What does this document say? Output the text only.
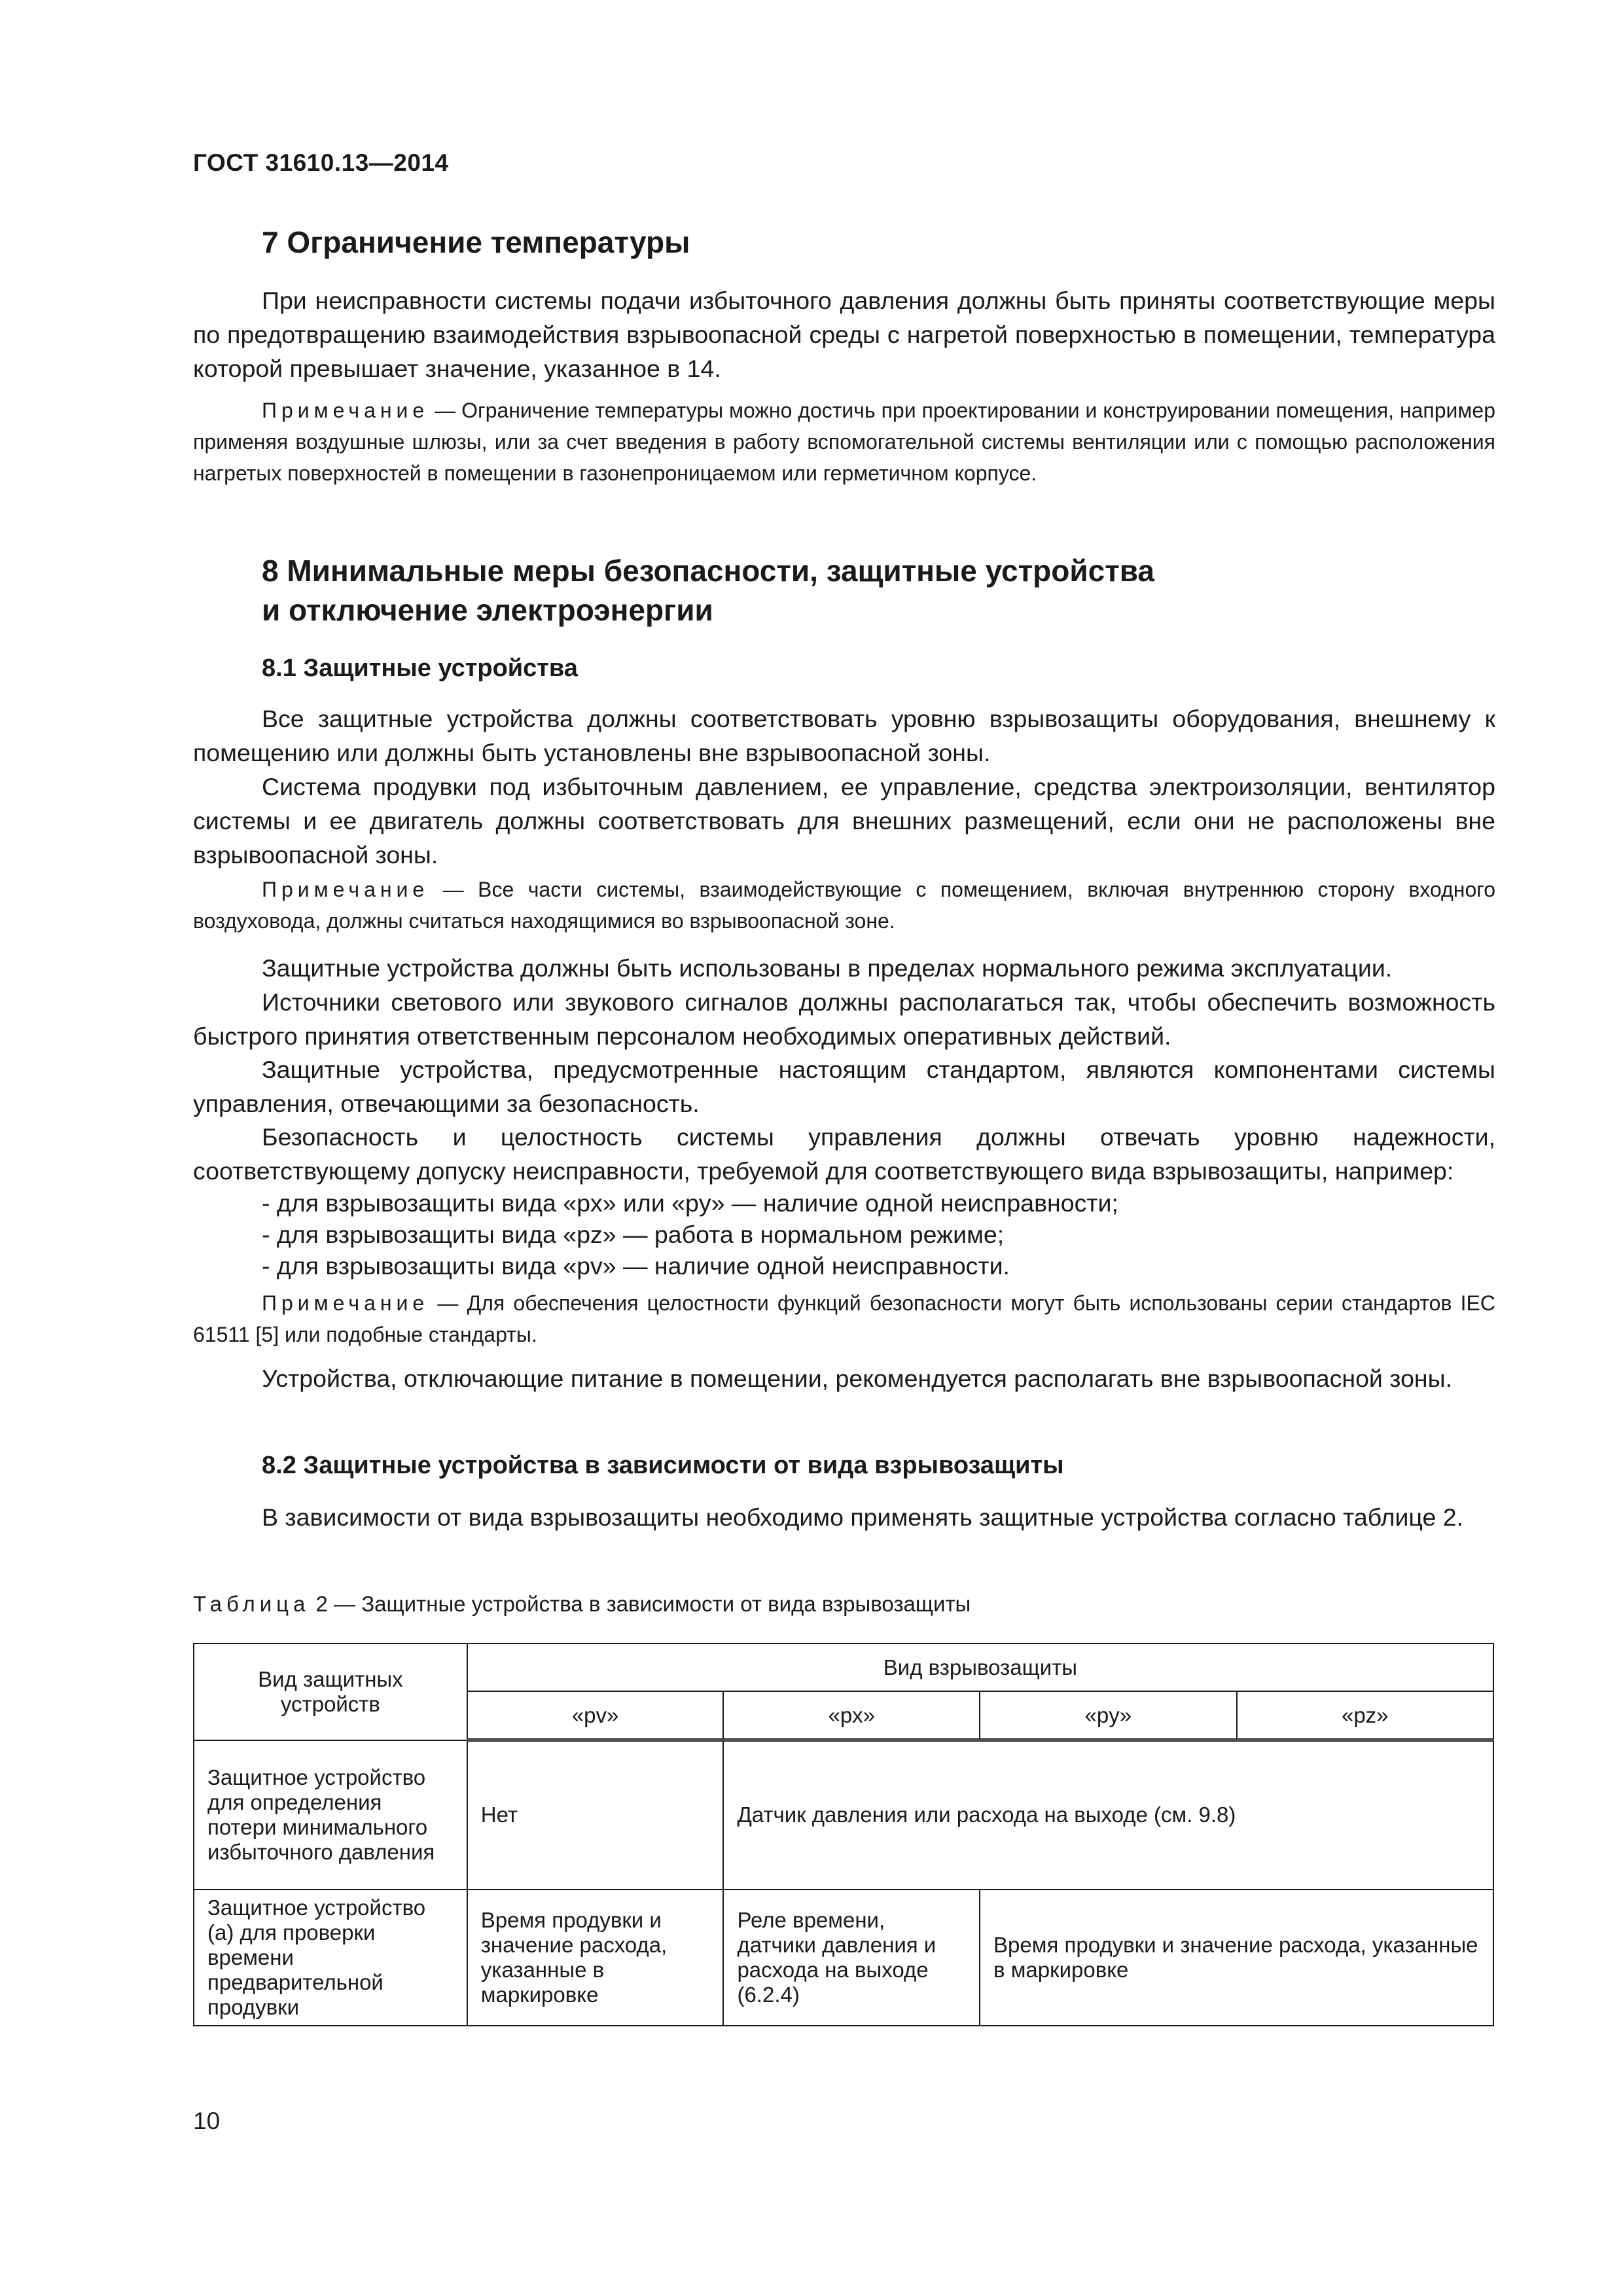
ГОСТ 31610.13—2014
7 Ограничение температуры
При неисправности системы подачи избыточного давления должны быть приняты соответствующие меры по предотвращению взаимодействия взрывоопасной среды с нагретой поверхностью в помещении, температура которой превышает значение, указанное в 14.
Примечание — Ограничение температуры можно достичь при проектировании и конструировании помещения, например применяя воздушные шлюзы, или за счет введения в работу вспомогательной системы вентиляции или с помощью расположения нагретых поверхностей в помещении в газонепроницаемом или герметичном корпусе.
8 Минимальные меры безопасности, защитные устройства
и отключение электроэнергии
8.1 Защитные устройства
Все защитные устройства должны соответствовать уровню взрывозащиты оборудования, внешнему к помещению или должны быть установлены вне взрывоопасной зоны.
Система продувки под избыточным давлением, ее управление, средства электроизоляции, вентилятор системы и ее двигатель должны соответствовать для внешних размещений, если они не расположены вне взрывоопасной зоны.
Примечание — Все части системы, взаимодействующие с помещением, включая внутреннюю сторону входного воздуховода, должны считаться находящимися во взрывоопасной зоне.
Защитные устройства должны быть использованы в пределах нормального режима эксплуатации.
Источники светового или звукового сигналов должны располагаться так, чтобы обеспечить возможность быстрого принятия ответственным персоналом необходимых оперативных действий.
Защитные устройства, предусмотренные настоящим стандартом, являются компонентами системы управления, отвечающими за безопасность.
Безопасность и целостность системы управления должны отвечать уровню надежности, соответствующему допуску неисправности, требуемой для соответствующего вида взрывозащиты, например:
- для взрывозащиты вида «px» или «py» — наличие одной неисправности;
- для взрывозащиты вида «pz» — работа в нормальном режиме;
- для взрывозащиты вида «pv» — наличие одной неисправности.
Примечание — Для обеспечения целостности функций безопасности могут быть использованы серии стандартов IEC 61511 [5] или подобные стандарты.
Устройства, отключающие питание в помещении, рекомендуется располагать вне взрывоопасной зоны.
8.2 Защитные устройства в зависимости от вида взрывозащиты
В зависимости от вида взрывозащиты необходимо применять защитные устройства согласно таблице 2.
Таблица 2 — Защитные устройства в зависимости от вида взрывозащиты
Вид защитных устройств	Вид взрывозащиты			
	«pv»	«px»	«py»	«pz»
Защитное устройство для определения потери минимального избыточного давления	Нет	Датчик давления или расхода на выходе (см. 9.8)		
Защитное устройство (а) для проверки времени предварительной продувки	Время продувки и значение расхода, указанные в маркировке	Реле времени, датчики давления и расхода на выходе (6.2.4)	Время продувки и значение расхода, указанные в маркировке	
10
